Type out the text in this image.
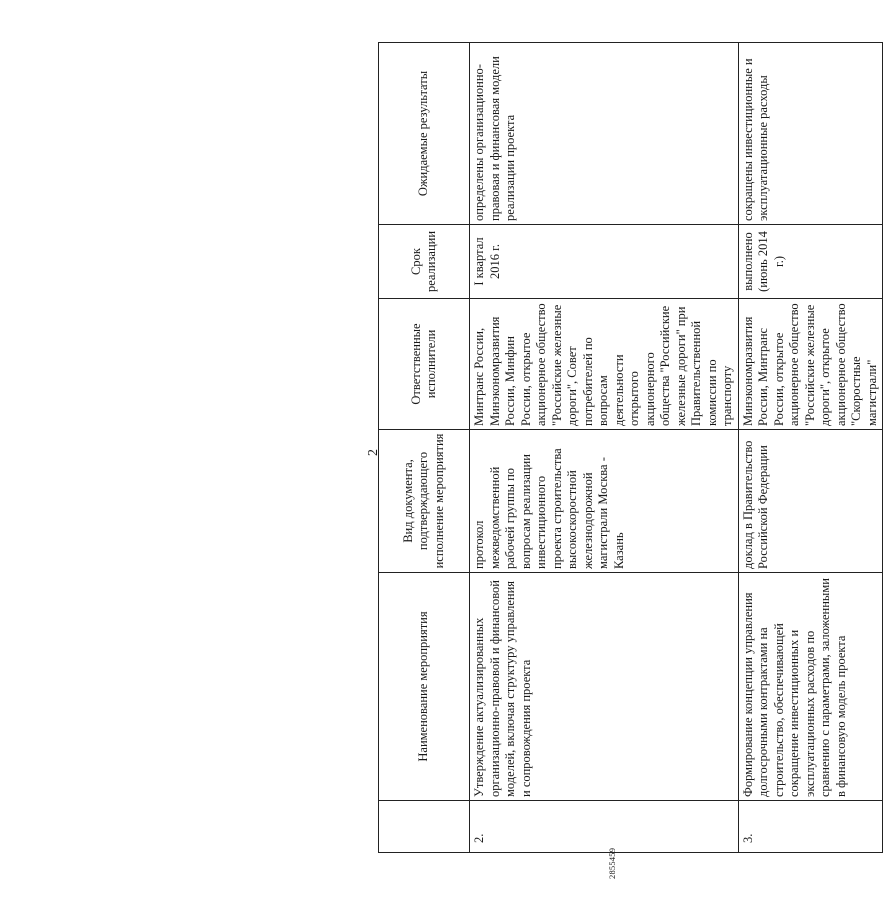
2
	Наименование мероприятия	Вид документа, подтверждающего исполнение мероприятия	Ответственные исполнители	Срок реализации	Ожидаемые результаты
2.	Утверждение актуализированных организационно-правовой и финансовой моделей, включая структуру управления и сопровождения проекта	протокол межведомственной рабочей группы по вопросам реализации инвестиционного проекта строительства высокоскоростной железнодорожной магистрали Москва - Казань	Минтранс России, Минэкономразвития России, Минфин России, открытое акционерное общество "Российские железные дороги", Совет потребителей по вопросам деятельности открытого акционерного общества "Российские железные дороги" при Правительственной комиссии по транспорту	I квартал 2016 г.	определены организационно-правовая и финансовая модели реализации проекта
3.	Формирование концепции управления долгосрочными контрактами на строительство, обеспечивающей сокращение инвестиционных и эксплуатационных расходов по сравнению с параметрами, заложенными в финансовую модель проекта	доклад в Правительство Российской Федерации	Минэкономразвития России, Минтранс России, открытое акционерное общество "Российские железные дороги", открытое акционерное общество "Скоростные магистрали"	выполнено (июнь 2014 г.)	сокращены инвестиционные и эксплуатационные расходы
2855459
